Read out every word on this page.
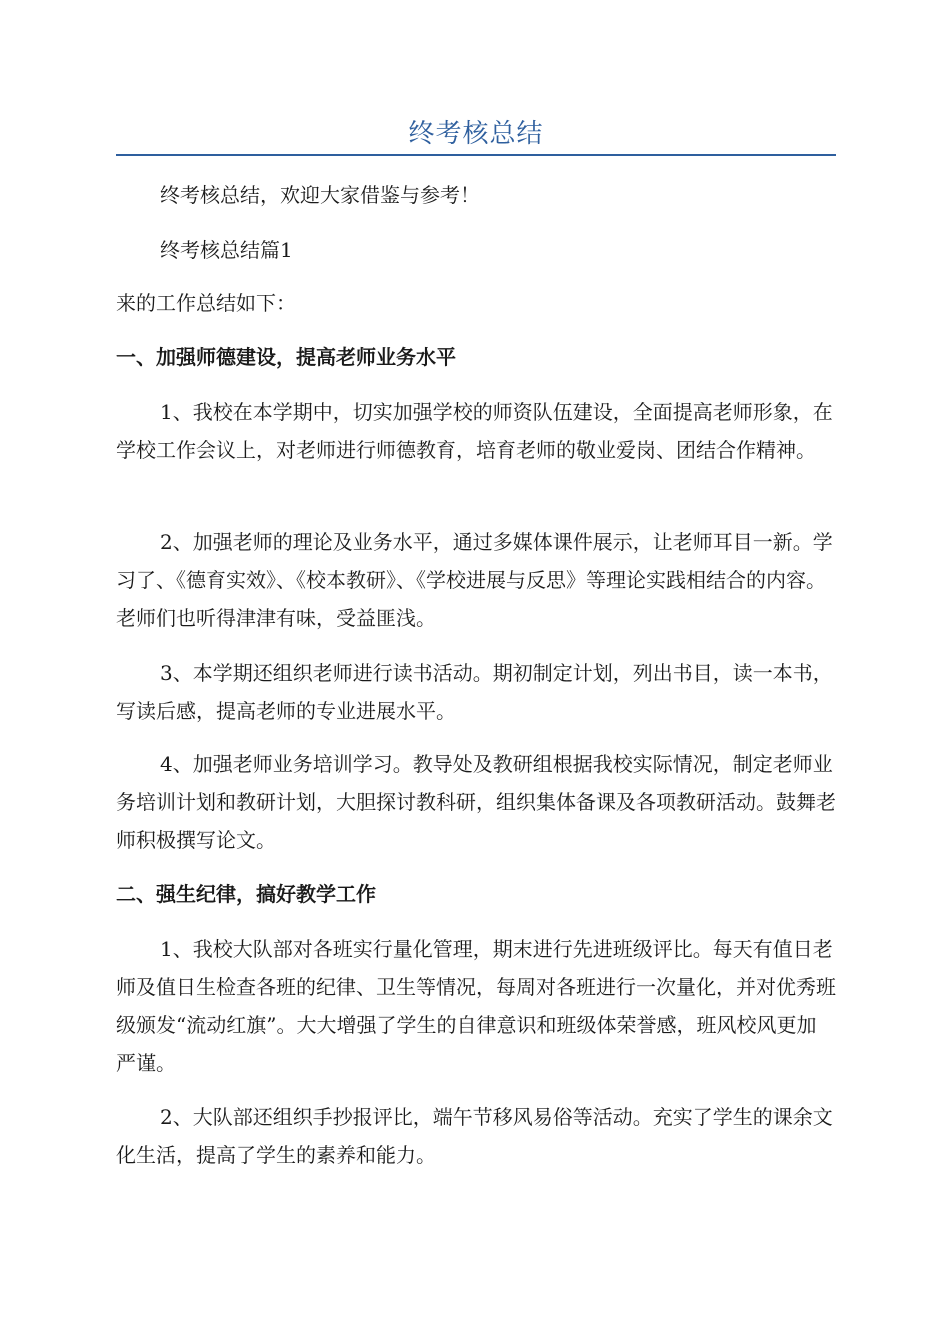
终考核总结

终考核总结，欢迎大家借鉴与参考！

终考核总结篇1

来的工作总结如下：

一、加强师德建设，提高老师业务水平

1、我校在本学期中，切实加强学校的师资队伍建设，全面提高老师形象，在学校工作会议上，对老师进行师德教育，培育老师的敬业爱岗、团结合作精神。

2、加强老师的理论及业务水平，通过多媒体课件展示，让老师耳目一新。学习了、《德育实效》、《校本教研》、《学校进展与反思》等理论实践相结合的内容。老师们也听得津津有味，受益匪浅。

3、本学期还组织老师进行读书活动。期初制定计划，列出书目，读一本书，写读后感，提高老师的专业进展水平。

4、加强老师业务培训学习。教导处及教研组根据我校实际情况，制定老师业务培训计划和教研计划，大胆探讨教科研，组织集体备课及各项教研活动。鼓舞老师积极撰写论文。

二、强生纪律，搞好教学工作

1、我校大队部对各班实行量化管理，期末进行先进班级评比。每天有值日老师及值日生检查各班的纪律、卫生等情况，每周对各班进行一次量化，并对优秀班级颁发“流动红旗”。大大增强了学生的自律意识和班级体荣誉感，班风校风更加严谨。

2、大队部还组织手抄报评比，端午节移风易俗等活动。充实了学生的课余文化生活，提高了学生的素养和能力。
